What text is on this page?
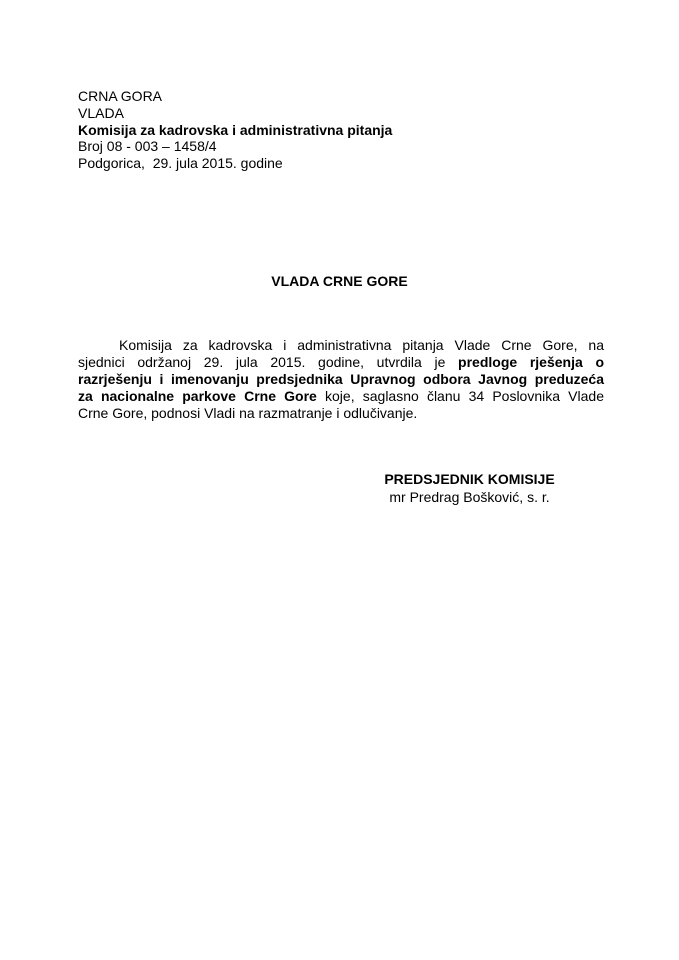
CRNA GORA
VLADA
Komisija za kadrovska i administrativna pitanja
Broj 08 - 003 – 1458/4
Podgorica,  29. jula 2015. godine
VLADA CRNE GORE
Komisija za kadrovska i administrativna pitanja Vlade Crne Gore, na
sjednici održanoj 29. jula 2015. godine, utvrdila je predloge rješenja o
razrješenju i imenovanju predsjednika Upravnog odbora Javnog preduzeća
za nacionalne parkove Crne Gore koje, saglasno članu 34 Poslovnika Vlade
Crne Gore, podnosi Vladi na razmatranje i odlučivanje.
PREDSJEDNIK KOMISIJE
mr Predrag Bošković, s. r.
